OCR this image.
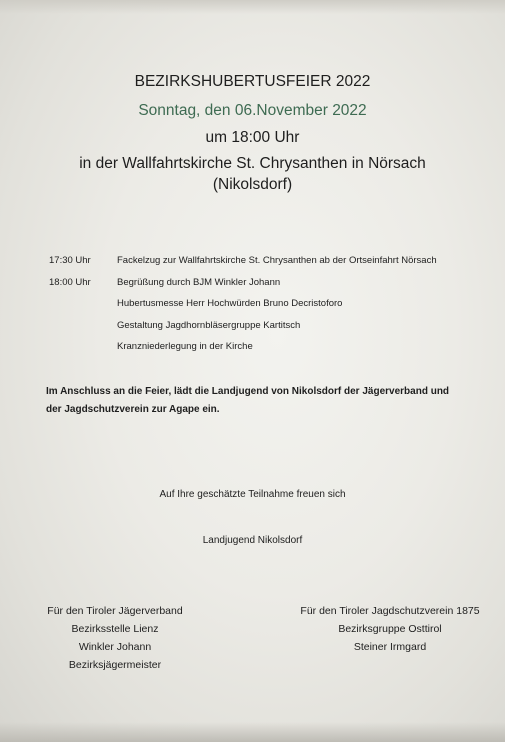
BEZIRKSHUBERTUSFEIER 2022
Sonntag, den 06.November 2022
um 18:00 Uhr
in der Wallfahrtskirche St. Chrysanthen in Nörsach
(Nikolsdorf)
17:30 Uhr	Fackelzug zur Wallfahrtskirche St. Chrysanthen ab der Ortseinfahrt Nörsach
18:00 Uhr	Begrüßung durch BJM Winkler Johann
Hubertusmesse Herr Hochwürden Bruno Decristoforo
Gestaltung Jagdhornbläsergruppe Kartitsch
Kranzniederlegung in der Kirche
Im Anschluss an die Feier, lädt die Landjugend von Nikolsdorf der Jägerverband und der Jagdschutzverein zur Agape ein.
Auf Ihre geschätzte Teilnahme freuen sich
Landjugend Nikolsdorf
Für den Tiroler Jägerverband
Bezirksstelle Lienz
Winkler Johann
Bezirksjägermeister
Für den Tiroler Jagdschutzverein 1875
Bezirksgruppe Osttirol
Steiner Irmgard
